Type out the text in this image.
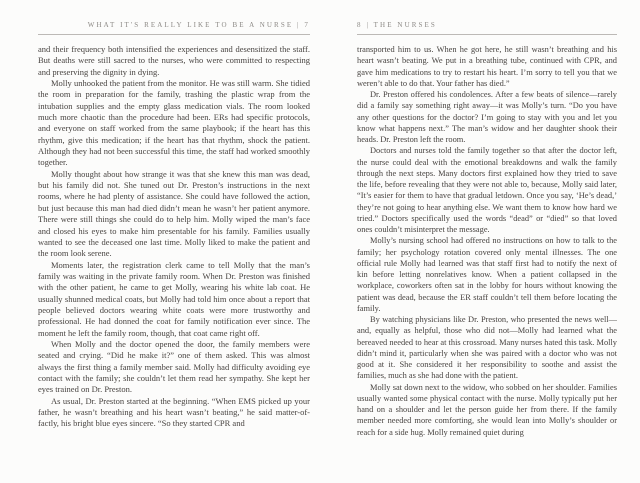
WHAT IT'S REALLY LIKE TO BE A NURSE | 7

and their frequency both intensified the experiences and desensitized the staff. But deaths were still sacred to the nurses, who were committed to respecting and preserving the dignity in dying.

Molly unhooked the patient from the monitor. He was still warm. She tidied the room in preparation for the family, trashing the plastic wrap from the intubation supplies and the empty glass medication vials. The room looked much more chaotic than the procedure had been. ERs had specific protocols, and everyone on staff worked from the same playbook; if the heart has this rhythm, give this medication; if the heart has that rhythm, shock the patient. Although they had not been successful this time, the staff had worked smoothly together.

Molly thought about how strange it was that she knew this man was dead, but his family did not. She tuned out Dr. Preston’s instructions in the next rooms, where he had plenty of assistance. She could have followed the action, but just because this man had died didn’t mean he wasn’t her patient anymore. There were still things she could do to help him. Molly wiped the man’s face and closed his eyes to make him presentable for his family. Families usually wanted to see the deceased one last time. Molly liked to make the patient and the room look serene.

Moments later, the registration clerk came to tell Molly that the man’s family was waiting in the private family room. When Dr. Preston was finished with the other patient, he came to get Molly, wearing his white lab coat. He usually shunned medical coats, but Molly had told him once about a report that people believed doctors wearing white coats were more trustworthy and professional. He had donned the coat for family notification ever since. The moment he left the family room, though, that coat came right off.

When Molly and the doctor opened the door, the family members were seated and crying. “Did he make it?” one of them asked. This was almost always the first thing a family member said. Molly had difficulty avoiding eye contact with the family; she couldn’t let them read her sympathy. She kept her eyes trained on Dr. Preston.

As usual, Dr. Preston started at the beginning. “When EMS picked up your father, he wasn’t breathing and his heart wasn’t beating,” he said matter-of-factly, his bright blue eyes sincere. “So they started CPR and

8 | THE NURSES

transported him to us. When he got here, he still wasn’t breathing and his heart wasn’t beating. We put in a breathing tube, continued with CPR, and gave him medications to try to restart his heart. I’m sorry to tell you that we weren’t able to do that. Your father has died.”

Dr. Preston offered his condolences. After a few beats of silence—rarely did a family say something right away—it was Molly’s turn. “Do you have any other questions for the doctor? I’m going to stay with you and let you know what happens next.” The man’s widow and her daughter shook their heads. Dr. Preston left the room.

Doctors and nurses told the family together so that after the doctor left, the nurse could deal with the emotional breakdowns and walk the family through the next steps. Many doctors first explained how they tried to save the life, before revealing that they were not able to, because, Molly said later, “It’s easier for them to have that gradual letdown. Once you say, ‘He’s dead,’ they’re not going to hear anything else. We want them to know how hard we tried.” Doctors specifically used the words “dead” or “died” so that loved ones couldn’t misinterpret the message.

Molly’s nursing school had offered no instructions on how to talk to the family; her psychology rotation covered only mental illnesses. The one official rule Molly had learned was that staff first had to notify the next of kin before letting nonrelatives know. When a patient collapsed in the workplace, coworkers often sat in the lobby for hours without knowing the patient was dead, because the ER staff couldn’t tell them before locating the family.

By watching physicians like Dr. Preston, who presented the news well—and, equally as helpful, those who did not—Molly had learned what the bereaved needed to hear at this crossroad. Many nurses hated this task. Molly didn’t mind it, particularly when she was paired with a doctor who was not good at it. She considered it her responsibility to soothe and assist the families, much as she had done with the patient.

Molly sat down next to the widow, who sobbed on her shoulder. Families usually wanted some physical contact with the nurse. Molly typically put her hand on a shoulder and let the person guide her from there. If the family member needed more comforting, she would lean into Molly’s shoulder or reach for a side hug. Molly remained quiet during
